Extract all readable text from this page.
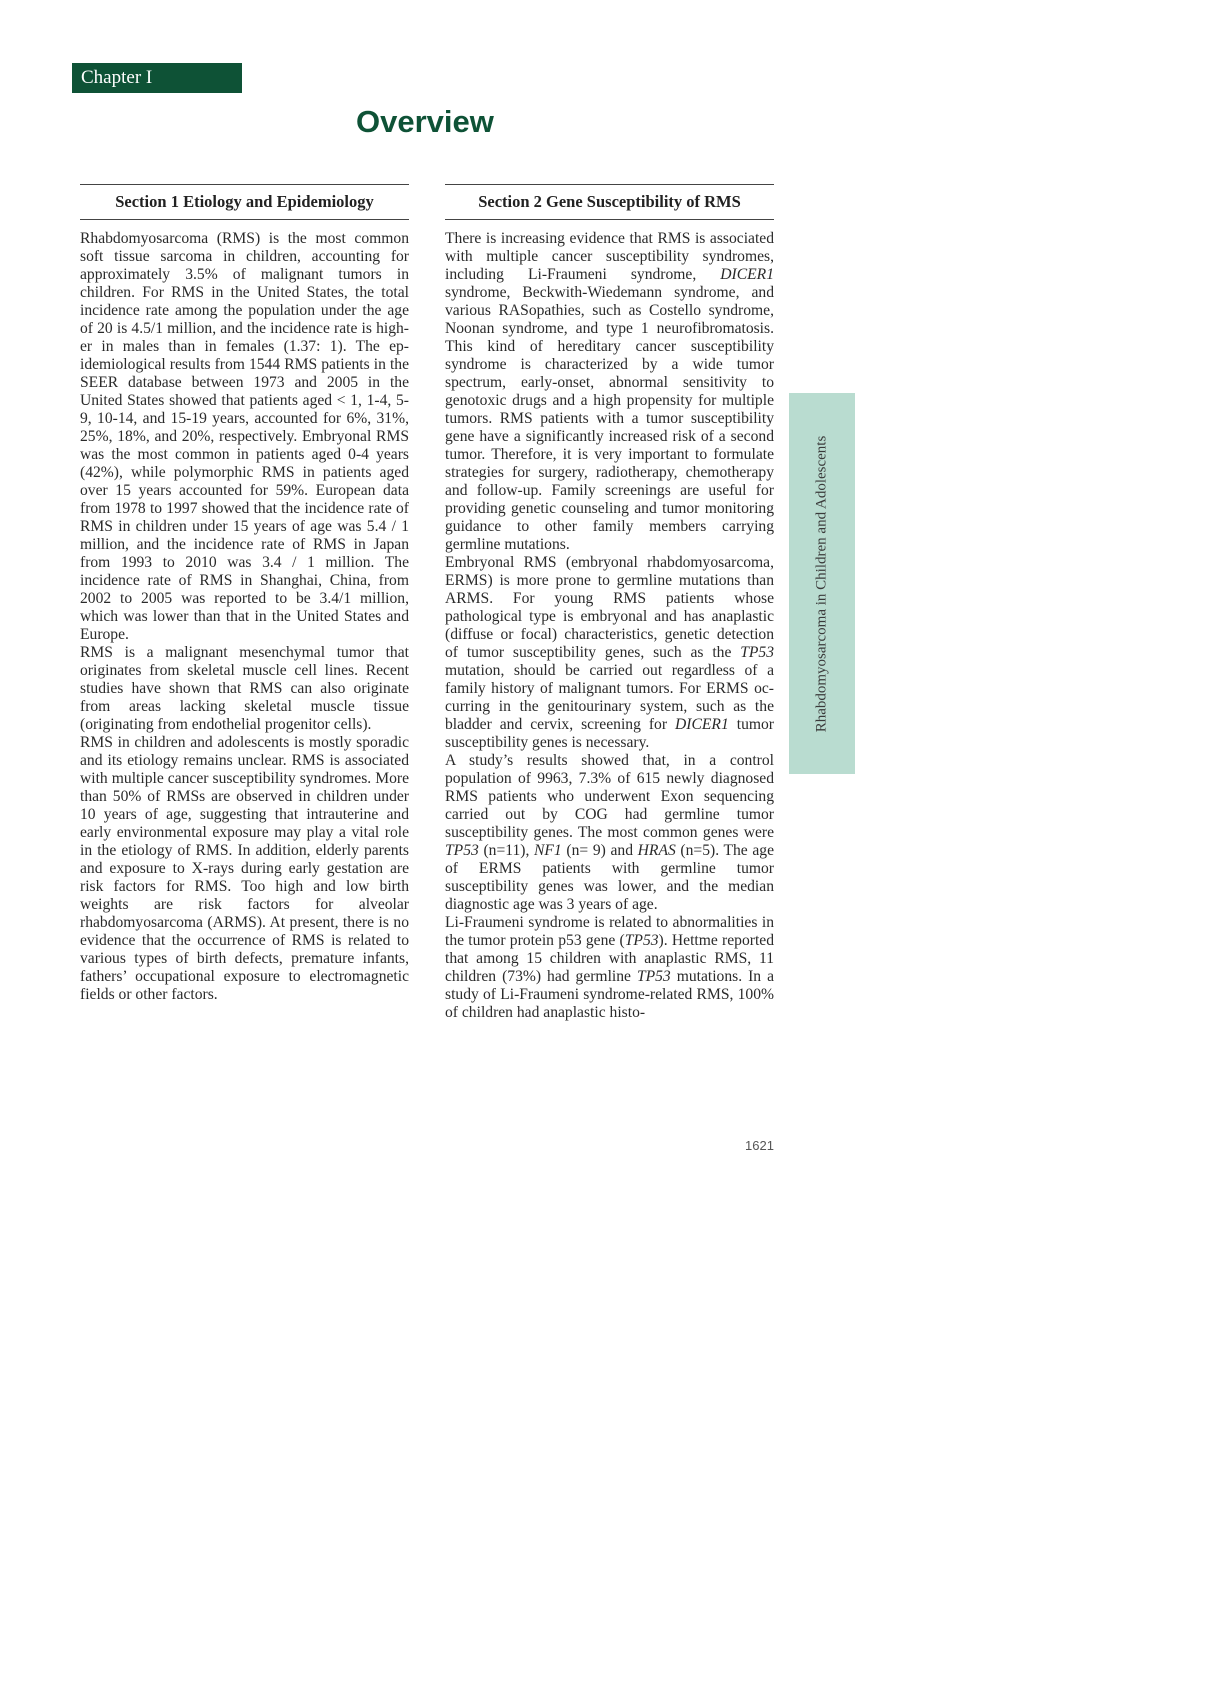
Chapter I
Overview
Section 1 Etiology and Epidemiology

Rhabdomyosarcoma (RMS) is the most common soft tissue sarcoma in children, accounting for approximately 3.5% of malignant tumors in children. For RMS in the United States, the total incidence rate among the population under the age of 20 is 4.5/1 million, and the incidence rate is higher in males than in females (1.37: 1). The epidemiological results from 1544 RMS patients in the SEER database between 1973 and 2005 in the United States showed that patients aged < 1, 1-4, 5-9, 10-14, and 15-19 years, accounted for 6%, 31%, 25%, 18%, and 20%, respectively. Embryonal RMS was the most common in patients aged 0-4 years (42%), while polymorphic RMS in patients aged over 15 years accounted for 59%. European data from 1978 to 1997 showed that the incidence rate of RMS in children under 15 years of age was 5.4 / 1 million, and the incidence rate of RMS in Japan from 1993 to 2010 was 3.4 / 1 million. The incidence rate of RMS in Shanghai, China, from 2002 to 2005 was reported to be 3.4/1 million, which was lower than that in the United States and Europe.

RMS is a malignant mesenchymal tumor that originates from skeletal muscle cell lines. Recent studies have shown that RMS can also originate from areas lacking skeletal muscle tissue (originating from endothelial progenitor cells).

RMS in children and adolescents is mostly sporadic and its etiology remains unclear. RMS is associated with multiple cancer susceptibility syndromes. More than 50% of RMSs are observed in children under 10 years of age, suggesting that intrauterine and early environmental exposure may play a vital role in the etiology of RMS. In addition, elderly parents and exposure to X-rays during early gestation are risk factors for RMS. Too high and low birth weights are risk factors for alveolar rhabdomyosarcoma (ARMS). At present, there is no evidence that the occurrence of RMS is related to various types of birth defects, premature infants, fathers’ occupational exposure to electromagnetic fields or other factors.

Section 2 Gene Susceptibility of RMS

There is increasing evidence that RMS is associated with multiple cancer susceptibility syndromes, including Li-Fraumeni syndrome, DICER1 syndrome, Beckwith-Wiedemann syndrome, and various RASopathies, such as Costello syndrome, Noonan syndrome, and type 1 neurofibromatosis. This kind of hereditary cancer susceptibility syndrome is characterized by a wide tumor spectrum, early-onset, abnormal sensitivity to genotoxic drugs and a high propensity for multiple tumors. RMS patients with a tumor susceptibility gene have a significantly increased risk of a second tumor. Therefore, it is very important to formulate strategies for surgery, radiotherapy, chemotherapy and follow-up. Family screenings are useful for providing genetic counseling and tumor monitoring guidance to other family members carrying germline mutations.

Embryonal RMS (embryonal rhabdomyosarcoma, ERMS) is more prone to germline mutations than ARMS. For young RMS patients whose pathological type is embryonal and has anaplastic (diffuse or focal) characteristics, genetic detection of tumor susceptibility genes, such as the TP53 mutation, should be carried out regardless of a family history of malignant tumors. For ERMS occurring in the genitourinary system, such as the bladder and cervix, screening for DICER1 tumor susceptibility genes is necessary.

A study’s results showed that, in a control population of 9963, 7.3% of 615 newly diagnosed RMS patients who underwent Exon sequencing carried out by COG had germline tumor susceptibility genes. The most common genes were TP53 (n=11), NF1 (n= 9) and HRAS (n=5). The age of ERMS patients with germline tumor susceptibility genes was lower, and the median diagnostic age was 3 years of age.

Li-Fraumeni syndrome is related to abnormalities in the tumor protein p53 gene (TP53). Hettme reported that among 15 children with anaplastic RMS, 11 children (73%) had germline TP53 mutations. In a study of Li-Fraumeni syndrome-related RMS, 100% of children had anaplastic histo-

Rhabdomyosarcoma in Children and Adolescents
1621
